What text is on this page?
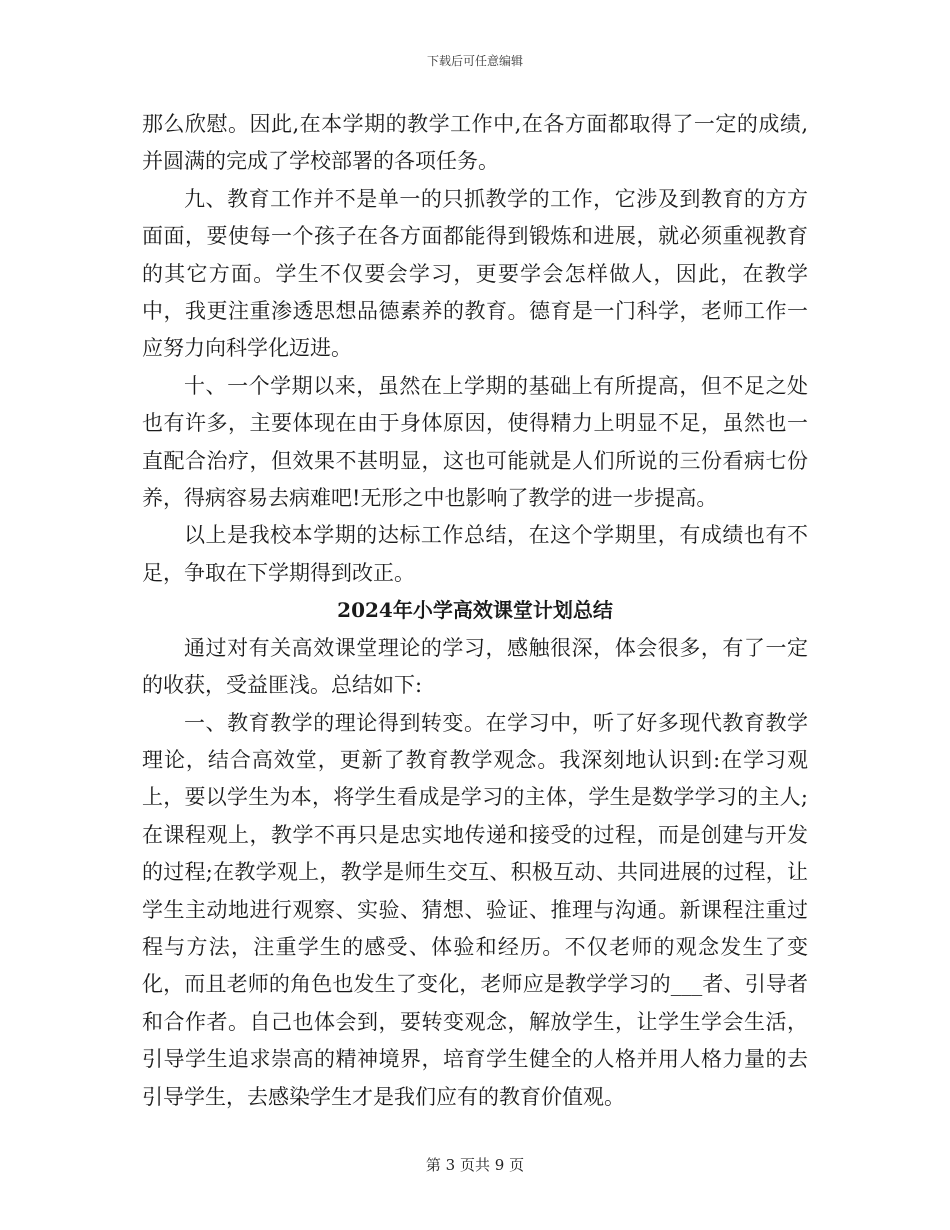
下载后可任意编辑

那么欣慰。因此,在本学期的教学工作中,在各方面都取得了一定的成绩,并圆满的完成了学校部署的各项任务。

九、教育工作并不是单一的只抓教学的工作，它涉及到教育的方方面面，要使每一个孩子在各方面都能得到锻炼和进展，就必须重视教育的其它方面。学生不仅要会学习，更要学会怎样做人，因此，在教学中，我更注重渗透思想品德素养的教育。德育是一门科学，老师工作一应努力向科学化迈进。

十、一个学期以来，虽然在上学期的基础上有所提高，但不足之处也有许多，主要体现在由于身体原因，使得精力上明显不足，虽然也一直配合治疗，但效果不甚明显，这也可能就是人们所说的三份看病七份养，得病容易去病难吧!无形之中也影响了教学的进一步提高。

以上是我校本学期的达标工作总结，在这个学期里，有成绩也有不足，争取在下学期得到改正。

2024年小学高效课堂计划总结

通过对有关高效课堂理论的学习，感触很深，体会很多，有了一定的收获，受益匪浅。总结如下:

一、教育教学的理论得到转变。在学习中，听了好多现代教育教学理论，结合高效堂，更新了教育教学观念。我深刻地认识到:在学习观上，要以学生为本，将学生看成是学习的主体，学生是数学学习的主人;在课程观上，教学不再只是忠实地传递和接受的过程，而是创建与开发的过程;在教学观上，教学是师生交互、积极互动、共同进展的过程，让学生主动地进行观察、实验、猜想、验证、推理与沟通。新课程注重过程与方法，注重学生的感受、体验和经历。不仅老师的观念发生了变化，而且老师的角色也发生了变化，老师应是教学学习的___者、引导者和合作者。自己也体会到，要转变观念，解放学生，让学生学会生活，引导学生追求崇高的精神境界，培育学生健全的人格并用人格力量的去引导学生，去感染学生才是我们应有的教育价值观。

第 3 页共 9 页
